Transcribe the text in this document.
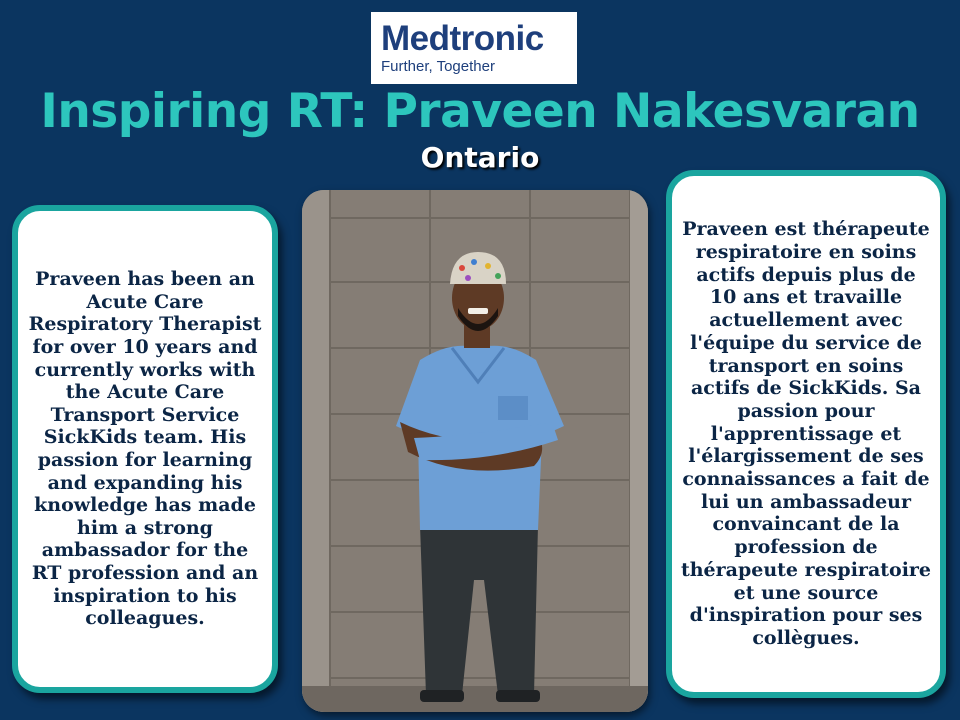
Medtronic
Further, Together
Inspiring RT: Praveen Nakesvaran
Ontario
Praveen has been an Acute Care Respiratory Therapist for over 10 years and currently works with the Acute Care Transport Service SickKids team. His passion for learning and expanding his knowledge has made him a strong ambassador for the RT profession and an inspiration to his colleagues.
Praveen est thérapeute respiratoire en soins actifs depuis plus de 10 ans et travaille actuellement avec l'équipe du service de transport en soins actifs de SickKids. Sa passion pour l'apprentissage et l'élargissement de ses connaissances a fait de lui un ambassadeur convaincant de la profession de thérapeute respiratoire et une source d'inspiration pour ses collègues.
